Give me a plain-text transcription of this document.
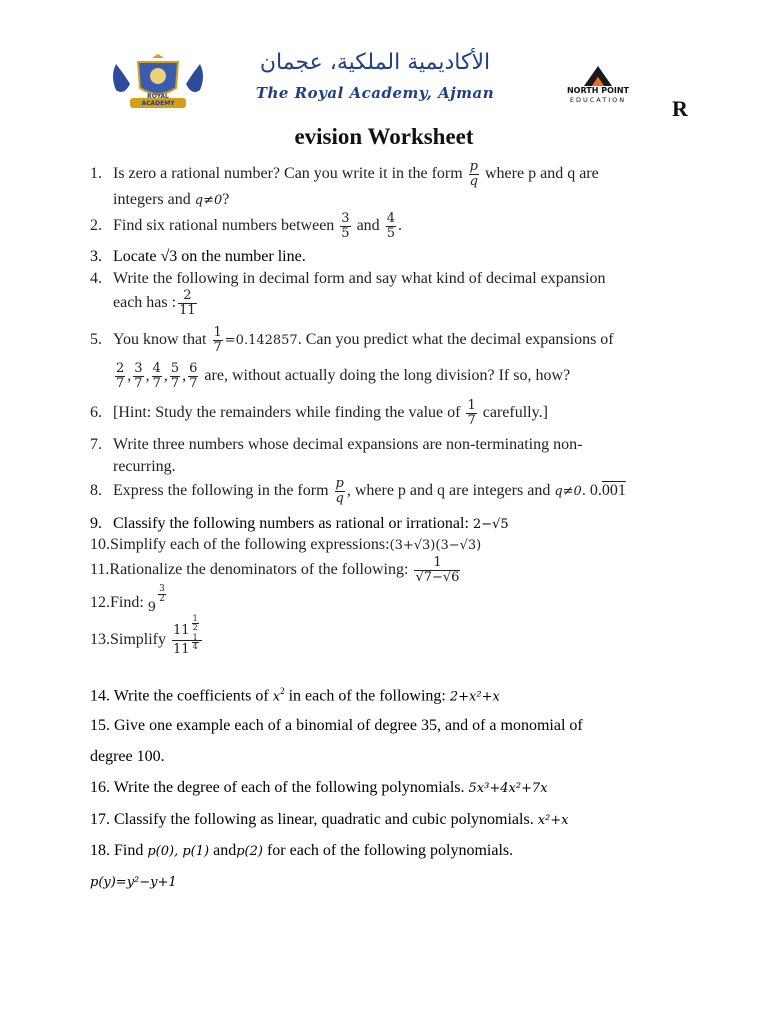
ROYAL ACADEMY
الأكاديمية الملكية، عجمان
The Royal Academy, Ajman	NORTH POINT
EDUCATION	R
evision Worksheet
1. Is zero a rational number? Can you write it in the form $\frac{p}{q}$ where p and q are
integers and q≠0?
2. Find six rational numbers between $\frac{3}{5}$ and $\frac{4}{5}$ .
3. Locate √3 on the number line.
4. Write the following in decimal form and say what kind of decimal expansion
each has : $\frac{2}{11}$
5. You know that $\frac{1}{7} =0.142857$. Can you predict what the decimal expansions of
$\frac{2}{7}$ , $\frac{3}{7}$ , $\frac{4}{7}$ , $\frac{5}{7}$ , $\frac{6}{7}$ are, without actually doing the long division? If so, how?
6. [Hint: Study the remainders while finding the value of $\frac{1}{7}$ carefully.]
7. Write three numbers whose decimal expansions are non-terminating non-
recurring.
8. Express the following in the form $\frac{p}{q}$ , where p and q are integers and q≠0. 0.001
9. Classify the following numbers as rational or irrational: 2−√5
10.Simplify each of the following expressions:(3+√3)(3−√3)
11.Rationalize the denominators of the following: $\frac{1}{√7-√6}$
12.Find: $_9$
$\frac{3}{2}$
13.Simplify $\frac{11 \frac{1}{2}}{11 \frac{1}{4}}$
14. Write the coefficients of $x^2$ in each of the following: 2+x²+x
15. Give one example each of a binomial of degree 35, and of a monomial of
degree 100.
16. Write the degree of each of the following polynomials. 5x³+4x²+7x
17. Classify the following as linear, quadratic and cubic polynomials. x²+x
18. Find p(0), p(1) andp(2) for each of the following polynomials.
p(y)=y²−y+1
